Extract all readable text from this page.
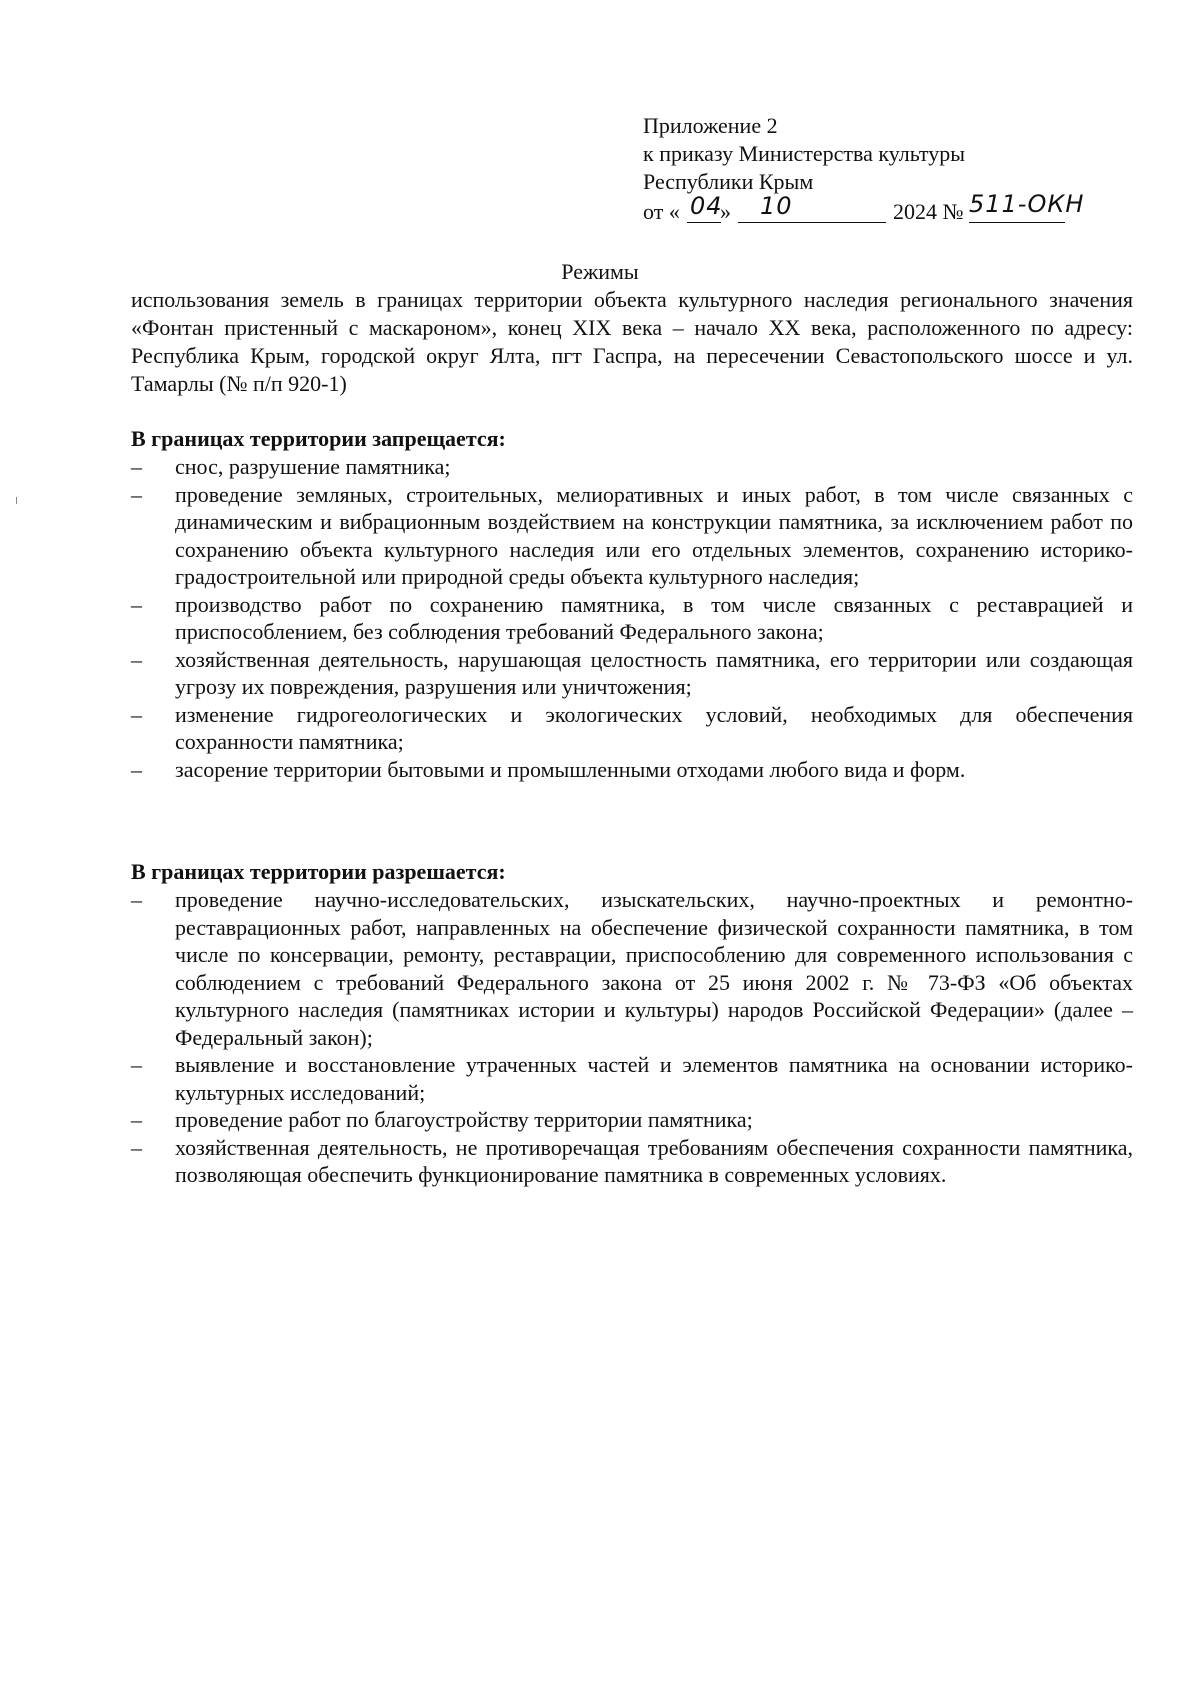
Приложение 2
к приказу Министерства культуры
Республики Крым
от « 04
» 10	2024 № 511-ОКН
Режимы
использования земель в границах территории объекта культурного наследия регионального значения «Фонтан пристенный с маскароном», конец XIX века – начало XX века, расположенного по адресу: Республика Крым, городской округ Ялта, пгт Гаспра, на пересечении Севастопольского шоссе и ул. Тамарлы (№ п/п 920-1)
В границах территории запрещается:
– снос, разрушение памятника;
– проведение земляных, строительных, мелиоративных и иных работ, в том числе связанных с динамическим и вибрационным воздействием на конструкции памятника, за исключением работ по сохранению объекта культурного наследия или его отдельных элементов, сохранению историко-градостроительной или природной среды объекта культурного наследия;
– производство работ по сохранению памятника, в том числе связанных с реставрацией и приспособлением, без соблюдения требований Федерального закона;
– хозяйственная деятельность, нарушающая целостность памятника, его территории или создающая угрозу их повреждения, разрушения или уничтожения;
– изменение гидрогеологических и экологических условий, необходимых для обеспечения сохранности памятника;
– засорение территории бытовыми и промышленными отходами любого вида и форм.
В границах территории разрешается:
– проведение научно-исследовательских, изыскательских, научно-проектных и ремонтно-реставрационных работ, направленных на обеспечение физической сохранности памятника, в том числе по консервации, ремонту, реставрации, приспособлению для современного использования с соблюдением с требований Федерального закона от 25 июня 2002 г. № 73-ФЗ «Об объектах культурного наследия (памятниках истории и культуры) народов Российской Федерации» (далее – Федеральный закон);
– выявление и восстановление утраченных частей и элементов памятника на основании историко-культурных исследований;
– проведение работ по благоустройству территории памятника;
– хозяйственная деятельность, не противоречащая требованиям обеспечения сохранности памятника, позволяющая обеспечить функционирование памятника в современных условиях.
